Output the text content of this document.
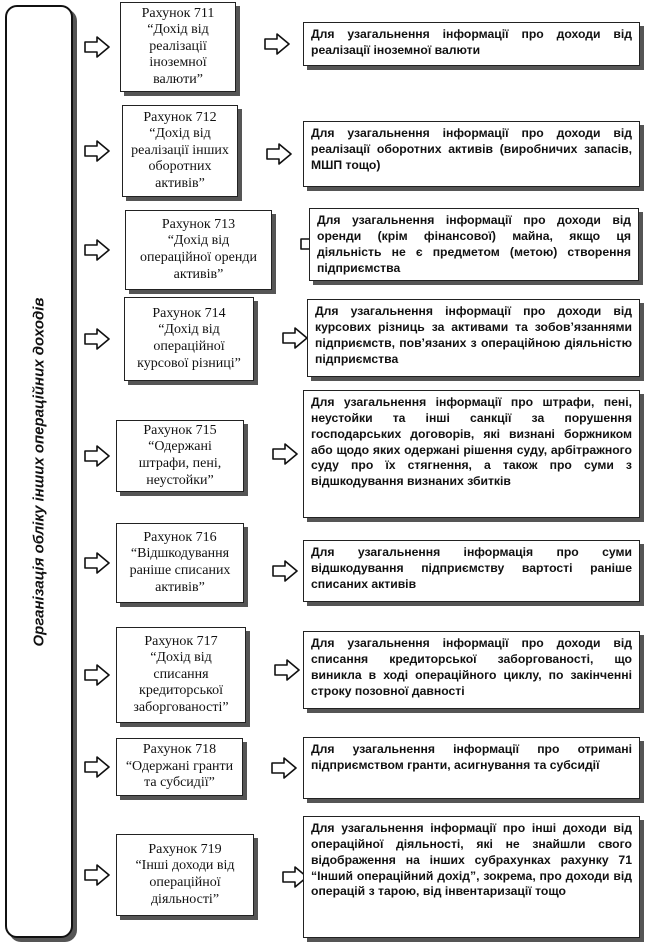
Організація обліку інших операційних доходів
Рахунок 711
“Дохід від
реалізації
іноземної
валюти”
Для узагальнення інформації про доходи від реалізації іноземної валюти
Рахунок 712
“Дохід від
реалізації інших
оборотних
активів”
Для узагальнення інформації про доходи від реалізації оборотних активів (виробничих запасів, МШП тощо)
Рахунок 713
“Дохід від
операційної оренди
активів”
Для узагальнення інформації про доходи від оренди (крім фінансової) майна, якщо ця діяльність не є предметом (метою) створення підприємства
Рахунок 714
“Дохід від
операційної
курсової різниці”
Для узагальнення інформації про доходи від курсових різниць за активами та зобов’язаннями підприємств, пов’язаних з операційною діяльністю підприємства
Рахунок 715
“Одержані
штрафи, пені,
неустойки”
Для узагальнення інформації про штрафи, пені, неустойки та інші санкції за порушення господарських договорів, які визнані боржником або щодо яких одержані рішення суду, арбітражного суду про їх стягнення, а також про суми з відшкодування визнаних збитків
Рахунок 716
“Відшкодування
раніше списаних
активів”
Для узагальнення інформація про суми відшкодування підприємству вартості раніше списаних активів
Рахунок 717
“Дохід від
списання
кредиторської
заборгованості”
Для узагальнення інформації про доходи від списання кредиторської заборгованості, що виникла в ході операційного циклу, по закінченні строку позовної давності
Рахунок 718
“Одержані гранти
та субсидії”
Для узагальнення інформації про отримані підприємством гранти, асигнування та субсидії
Рахунок 719
“Інші доходи від
операційної
діяльності”
Для узагальнення інформації про інші доходи від операційної діяльності, які не знайшли свого відображення на інших субрахунках рахунку 71 “Інший операційний дохід”, зокрема, про доходи від операцій з тарою, від інвентаризації тощо
